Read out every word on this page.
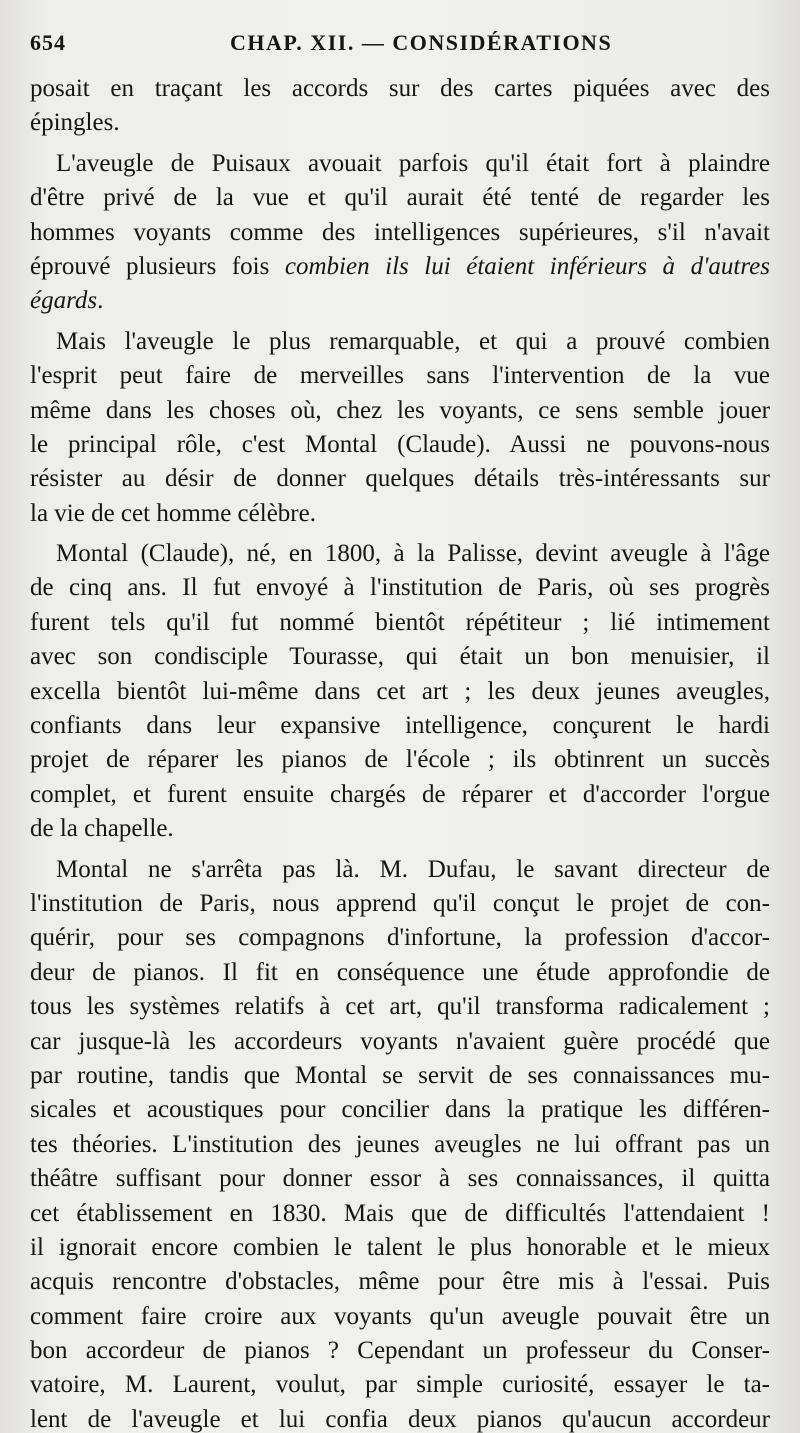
654	CHAP. XII. — CONSIDÉRATIONS
posait en traçant les accords sur des cartes piquées avec des
épingles.
L'aveugle de Puisaux avouait parfois qu'il était fort à plaindre
d'être privé de la vue et qu'il aurait été tenté de regarder les
hommes voyants comme des intelligences supérieures, s'il n'avait
éprouvé plusieurs fois combien ils lui étaient inférieurs à d'autres
égards.
Mais l'aveugle le plus remarquable, et qui a prouvé combien
l'esprit peut faire de merveilles sans l'intervention de la vue
même dans les choses où, chez les voyants, ce sens semble jouer
le principal rôle, c'est Montal (Claude). Aussi ne pouvons-nous
résister au désir de donner quelques détails très-intéressants sur
la vie de cet homme célèbre.
Montal (Claude), né, en 1800, à la Palisse, devint aveugle à l'âge
de cinq ans. Il fut envoyé à l'institution de Paris, où ses progrès
furent tels qu'il fut nommé bientôt répétiteur ; lié intimement
avec son condisciple Tourasse, qui était un bon menuisier, il
excella bientôt lui-même dans cet art ; les deux jeunes aveugles,
confiants dans leur expansive intelligence, conçurent le hardi
projet de réparer les pianos de l'école ; ils obtinrent un succès
complet, et furent ensuite chargés de réparer et d'accorder l'orgue
de la chapelle.
Montal ne s'arrêta pas là. M. Dufau, le savant directeur de
l'institution de Paris, nous apprend qu'il conçut le projet de con-
quérir, pour ses compagnons d'infortune, la profession d'accor-
deur de pianos. Il fit en conséquence une étude approfondie de
tous les systèmes relatifs à cet art, qu'il transforma radicalement ;
car jusque-là les accordeurs voyants n'avaient guère procédé que
par routine, tandis que Montal se servit de ses connaissances mu-
sicales et acoustiques pour concilier dans la pratique les différen-
tes théories. L'institution des jeunes aveugles ne lui offrant pas un
théâtre suffisant pour donner essor à ses connaissances, il quitta
cet établissement en 1830. Mais que de difficultés l'attendaient !
il ignorait encore combien le talent le plus honorable et le mieux
acquis rencontre d'obstacles, même pour être mis à l'essai. Puis
comment faire croire aux voyants qu'un aveugle pouvait être un
bon accordeur de pianos ? Cependant un professeur du Conser-
vatoire, M. Laurent, voulut, par simple curiosité, essayer le ta-
lent de l'aveugle et lui confia deux pianos qu'aucun accordeur
